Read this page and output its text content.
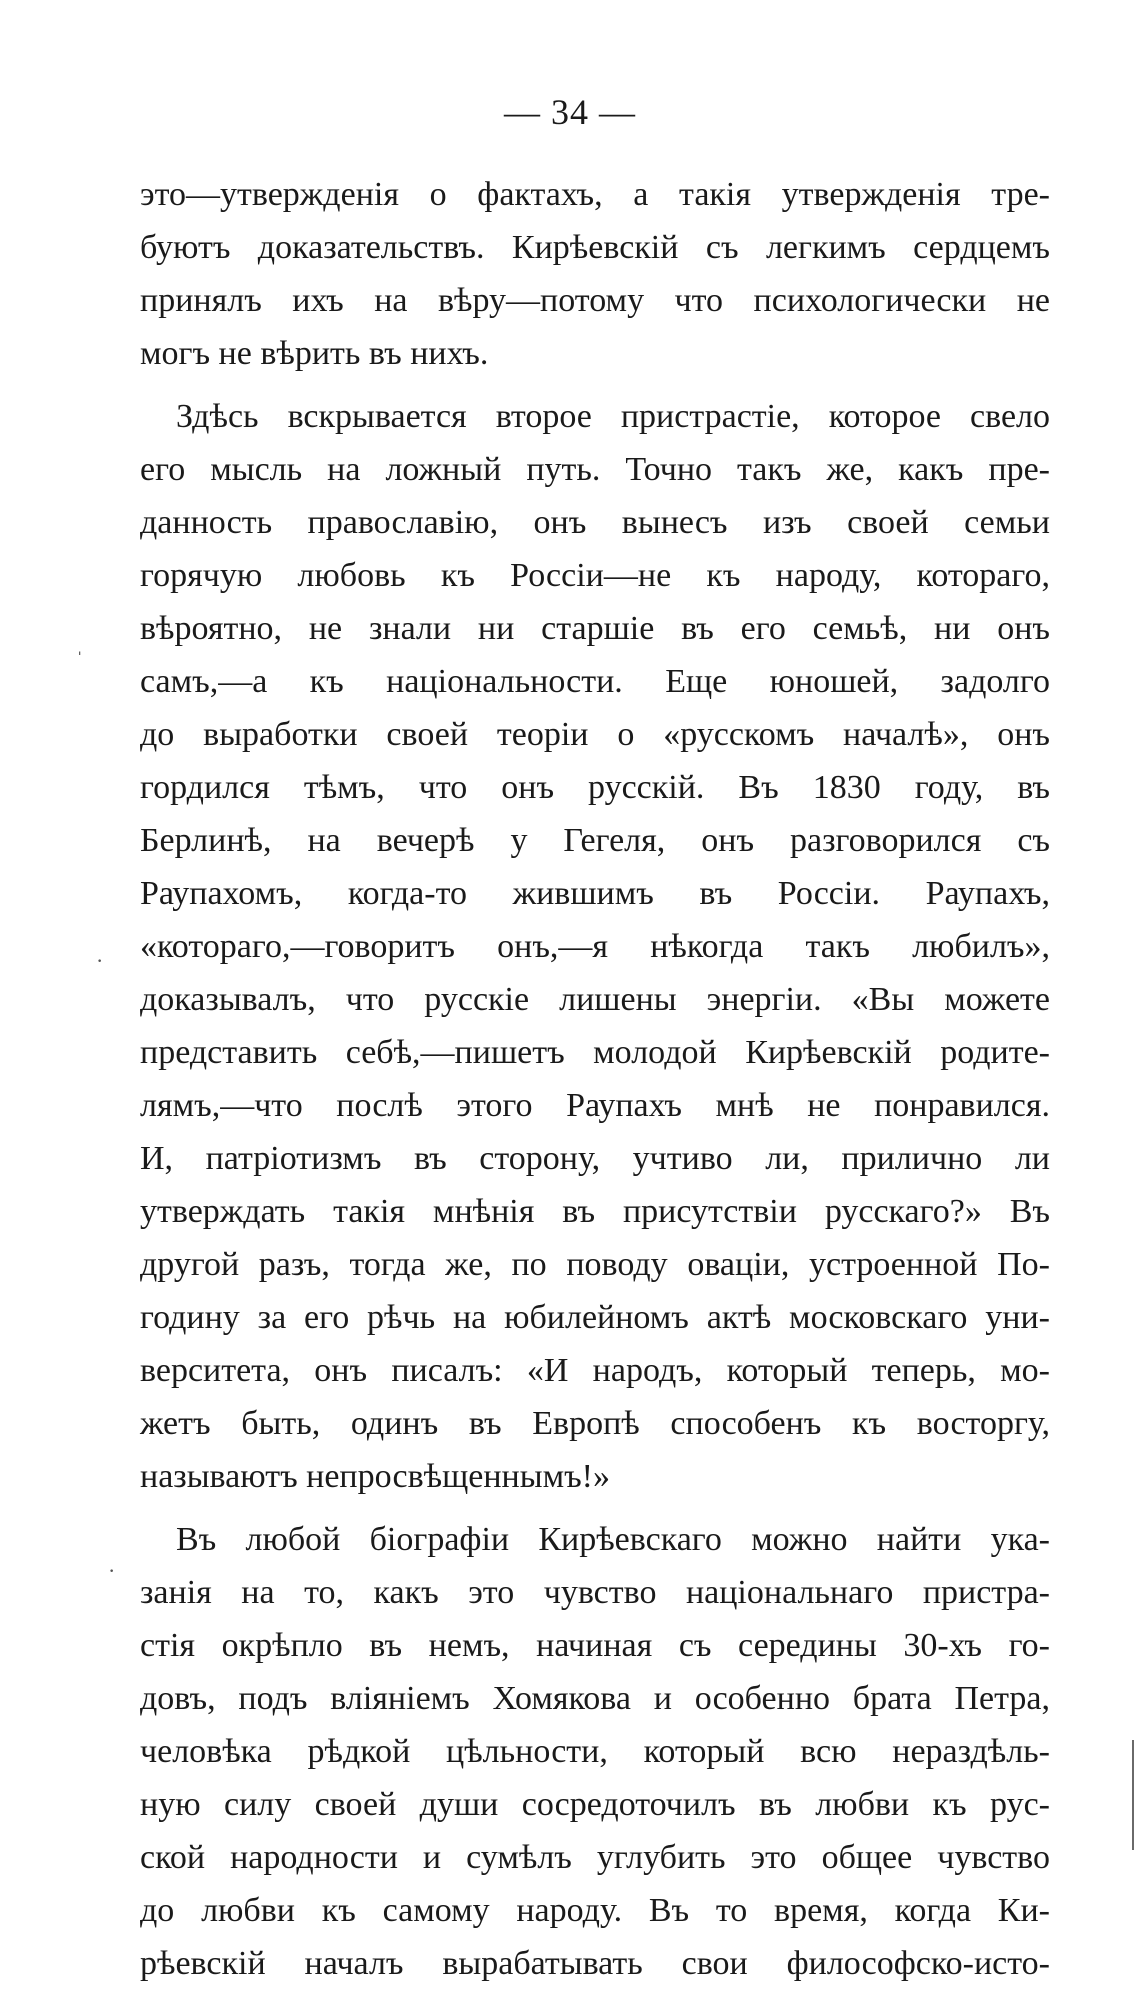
— 34 —
это—утвержденія о фактахъ, а такія утвержденія тре-
буютъ доказательствъ. Кирѣевскій съ легкимъ сердцемъ
принялъ ихъ на вѣру—потому что психологически не
могъ не вѣрить въ нихъ.
Здѣсь вскрывается второе пристрастіе, которое свело
его мысль на ложный путь. Точно такъ же, какъ пре-
данность православію, онъ вынесъ изъ своей семьи
горячую любовь къ Россіи—не къ народу, котораго,
вѣроятно, не знали ни старшіе въ его семьѣ, ни онъ
самъ,—а къ національности. Еще юношей, задолго
до выработки своей теоріи о «русскомъ началѣ», онъ
гордился тѣмъ, что онъ русскій. Въ 1830 году, въ
Берлинѣ, на вечерѣ у Гегеля, онъ разговорился съ
Раупахомъ, когда-то жившимъ въ Россіи. Раупахъ,
«котораго,—говоритъ онъ,—я нѣкогда такъ любилъ»,
доказывалъ, что русскіе лишены энергіи. «Вы можете
представить себѣ,—пишетъ молодой Кирѣевскій родите-
лямъ,—что послѣ этого Раупахъ мнѣ не понравился.
И, патріотизмъ въ сторону, учтиво ли, прилично ли
утверждать такія мнѣнія въ присутствіи русскаго?» Въ
другой разъ, тогда же, по поводу оваціи, устроенной По-
годину за его рѣчь на юбилейномъ актѣ московскаго уни-
верситета, онъ писалъ: «И народъ, который теперь, мо-
жетъ быть, одинъ въ Европѣ способенъ къ восторгу,
называютъ непросвѣщеннымъ!»
Въ любой біографіи Кирѣевскаго можно найти ука-
занія на то, какъ это чувство національнаго пристра-
стія окрѣпло въ немъ, начиная съ середины 30-хъ го-
довъ, подъ вліяніемъ Хомякова и особенно брата Петра,
человѣка рѣдкой цѣльности, который всю нераздѣль-
ную силу своей души сосредоточилъ въ любви къ рус-
ской народности и сумѣлъ углубить это общее чувство
до любви къ самому народу. Въ то время, когда Ки-
рѣевскій началъ вырабатывать свои философско-исто-
ˌ
·
·
